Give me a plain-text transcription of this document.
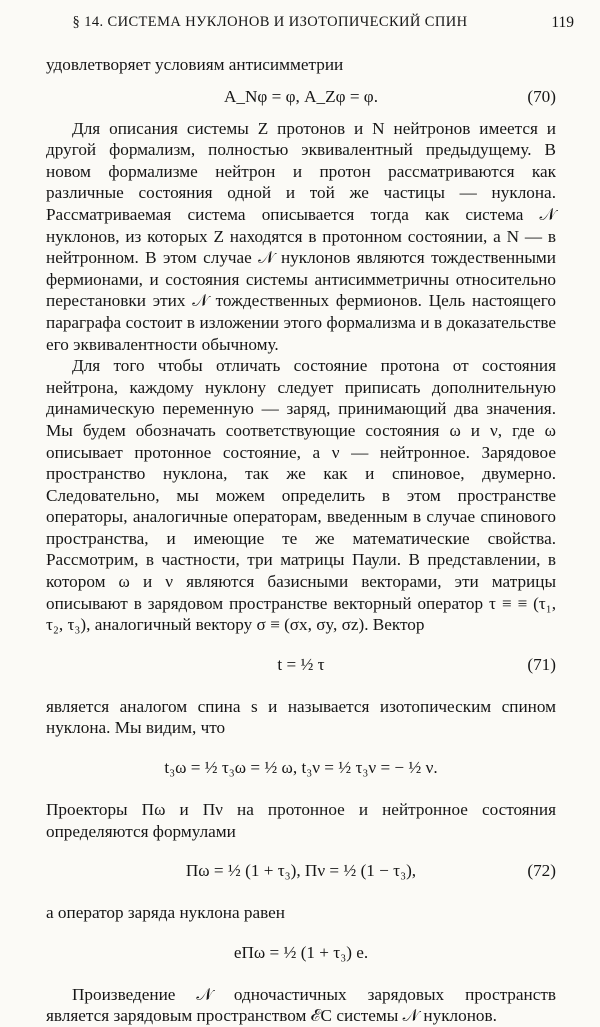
§ 14. СИСТЕМА НУКЛОНОВ И ИЗОТОПИЧЕСКИЙ СПИН	119

удовлетворяет условиям антисимметрии

A_Nφ = φ, A_Zφ = φ.	(70)

Для описания системы Z протонов и N нейтронов имеется и другой формализм, полностью эквивалентный предыдущему. В новом формализме нейтрон и протон рассматриваются как различные состояния одной и той же частицы — нуклона. Рассматриваемая система описывается тогда как система 𝒩 нуклонов, из которых Z находятся в протонном состоянии, а N — в нейтронном. В этом случае 𝒩 нуклонов являются тождественными фермионами, и состояния системы антисимметричны относительно перестановки этих 𝒩 тождественных фермионов. Цель настоящего параграфа состоит в изложении этого формализма и в доказательстве его эквивалентности обычному.

Для того чтобы отличать состояние протона от состояния нейтрона, каждому нуклону следует приписать дополнительную динамическую переменную — заряд, принимающий два значения. Мы будем обозначать соответствующие состояния ω и ν, где ω описывает протонное состояние, а ν — нейтронное. Зарядовое пространство нуклона, так же как и спиновое, двумерно. Следовательно, мы можем определить в этом пространстве операторы, аналогичные операторам, введенным в случае спинового пространства, и имеющие те же математические свойства. Рассмотрим, в частности, три матрицы Паули. В представлении, в котором ω и ν являются базисными векторами, эти матрицы описывают в зарядовом пространстве векторный оператор τ ≡ ≡ (τ₁, τ₂, τ₃), аналогичный вектору σ ≡ (σx, σy, σz). Вектор

t = ½ τ	(71)

является аналогом спина s и называется изотопическим спином нуклона. Мы видим, что

t₃ω = ½ τ₃ω = ½ ω, t₃ν = ½ τ₃ν = − ½ ν.

Проекторы Πω и Πν на протонное и нейтронное состояния определяются формулами

Πω = ½ (1 + τ₃), Πν = ½ (1 − τ₃),	(72)

а оператор заряда нуклона равен

eΠω = ½ (1 + τ₃) e.

Произведение 𝒩 одночастичных зарядовых пространств является зарядовым пространством ℰC системы 𝒩 нуклонов.
